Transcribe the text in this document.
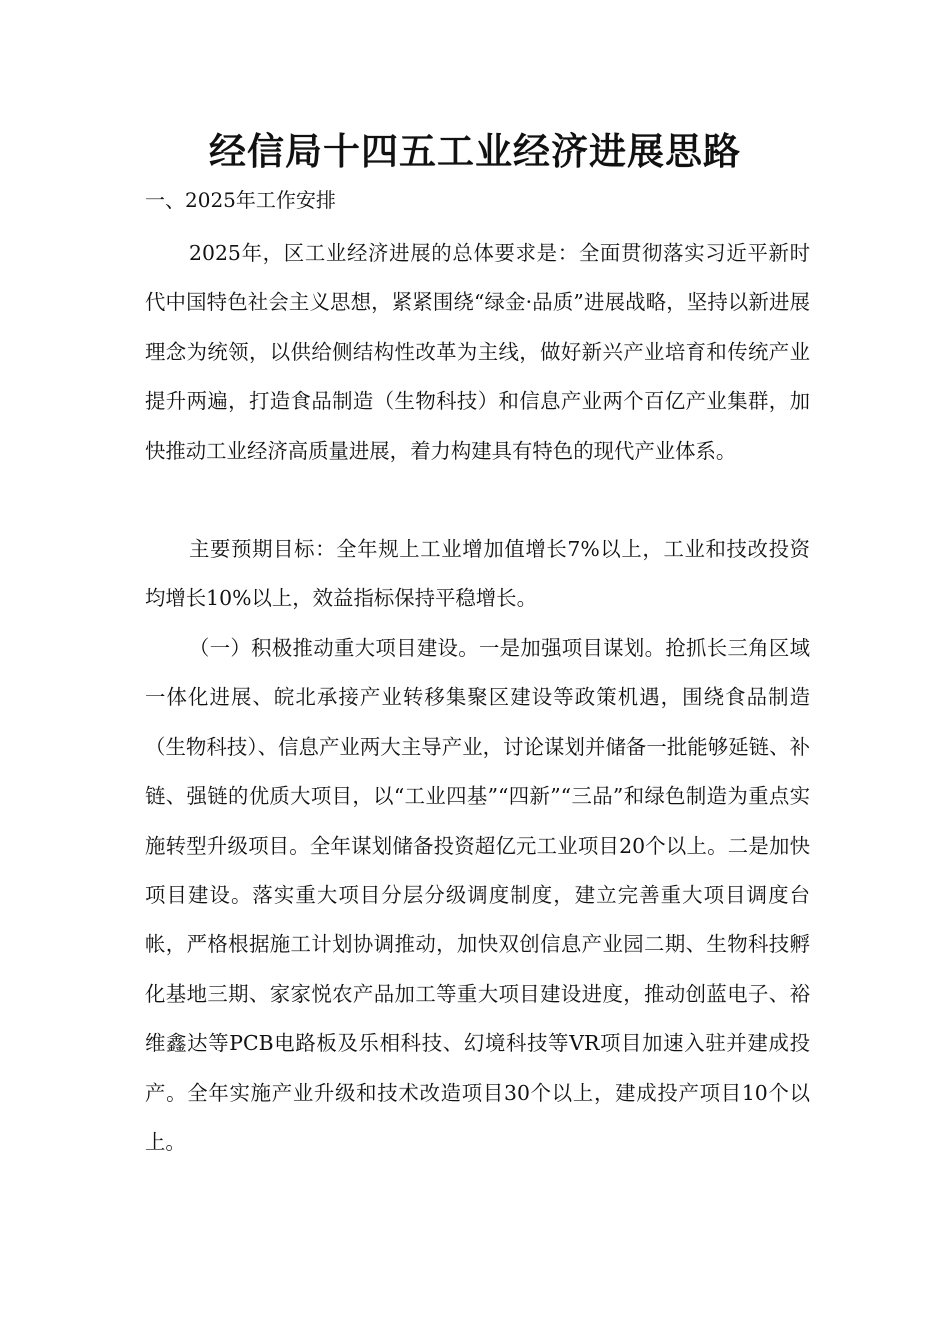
经信局十四五工业经济进展思路

一、2025年工作安排

2025年，区工业经济进展的总体要求是：全面贯彻落实习近平新时代中国特色社会主义思想，紧紧围绕“绿金·品质”进展战略，坚持以新进展理念为统领，以供给侧结构性改革为主线，做好新兴产业培育和传统产业提升两遍，打造食品制造（生物科技）和信息产业两个百亿产业集群，加快推动工业经济高质量进展，着力构建具有特色的现代产业体系。

主要预期目标：全年规上工业增加值增长7%以上，工业和技改投资均增长10%以上，效益指标保持平稳增长。

（一）积极推动重大项目建设。一是加强项目谋划。抢抓长三角区域一体化进展、皖北承接产业转移集聚区建设等政策机遇，围绕食品制造（生物科技）、信息产业两大主导产业，讨论谋划并储备一批能够延链、补链、强链的优质大项目，以“工业四基”“四新”“三品”和绿色制造为重点实施转型升级项目。全年谋划储备投资超亿元工业项目20个以上。二是加快项目建设。落实重大项目分层分级调度制度，建立完善重大项目调度台帐，严格根据施工计划协调推动，加快双创信息产业园二期、生物科技孵化基地三期、家家悦农产品加工等重大项目建设进度，推动创蓝电子、裕维鑫达等PCB电路板及乐相科技、幻境科技等VR项目加速入驻并建成投产。全年实施产业升级和技术改造项目30个以上，建成投产项目10个以上。
